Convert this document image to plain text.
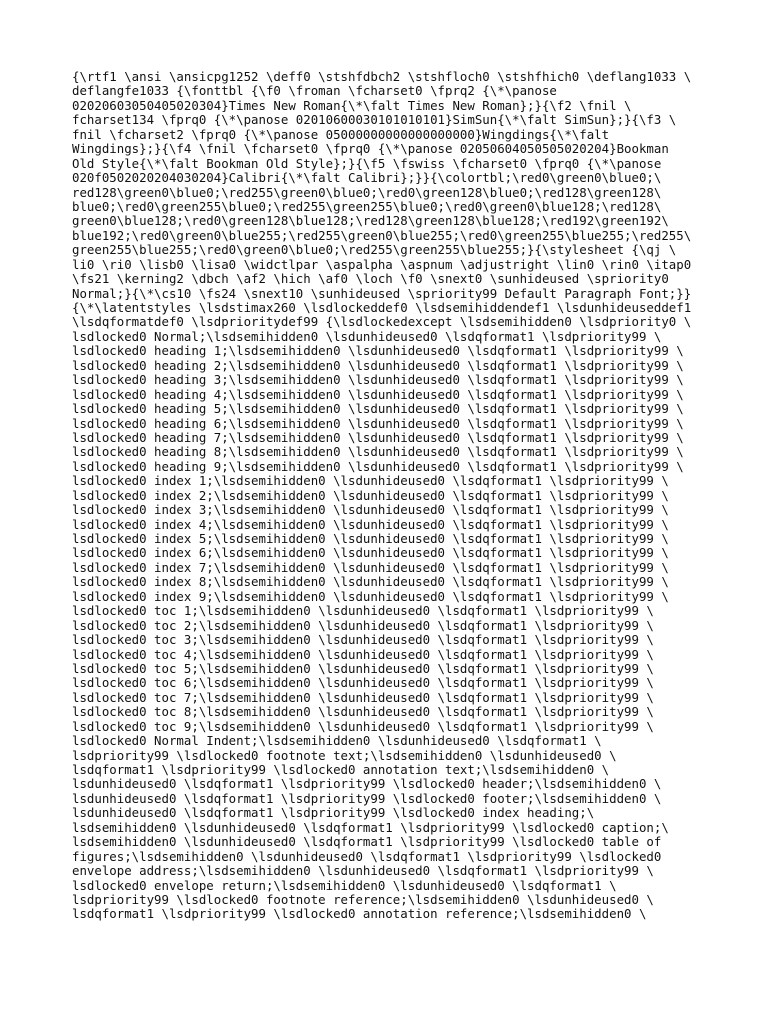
{\rtf1 \ansi \ansicpg1252 \deff0 \stshfdbch2 \stshfloch0 \stshfhich0 \deflang1033 \
deflangfe1033 {\fonttbl {\f0 \froman \fcharset0 \fprq2 {\*\panose
02020603050405020304}Times New Roman{\*\falt Times New Roman};}{\f2 \fnil \
fcharset134 \fprq0 {\*\panose 02010600030101010101}SimSun{\*\falt SimSun};}{\f3 \
fnil \fcharset2 \fprq0 {\*\panose 05000000000000000000}Wingdings{\*\falt
Wingdings};}{\f4 \fnil \fcharset0 \fprq0 {\*\panose 02050604050505020204}Bookman
Old Style{\*\falt Bookman Old Style};}{\f5 \fswiss \fcharset0 \fprq0 {\*\panose
020f0502020204030204}Calibri{\*\falt Calibri};}}{\colortbl;\red0\green0\blue0;\
red128\green0\blue0;\red255\green0\blue0;\red0\green128\blue0;\red128\green128\
blue0;\red0\green255\blue0;\red255\green255\blue0;\red0\green0\blue128;\red128\
green0\blue128;\red0\green128\blue128;\red128\green128\blue128;\red192\green192\
blue192;\red0\green0\blue255;\red255\green0\blue255;\red0\green255\blue255;\red255\
green255\blue255;\red0\green0\blue0;\red255\green255\blue255;}{\stylesheet {\qj \
li0 \ri0 \lisb0 \lisa0 \widctlpar \aspalpha \aspnum \adjustright \lin0 \rin0 \itap0
\fs21 \kerning2 \dbch \af2 \hich \af0 \loch \f0 \snext0 \sunhideused \spriority0
Normal;}{\*\cs10 \fs24 \snext10 \sunhideused \spriority99 Default Paragraph Font;}}
{\*\latentstyles \lsdstimax260 \lsdlockeddef0 \lsdsemihiddendef1 \lsdunhideuseddef1
\lsdqformatdef0 \lsdprioritydef99 {\lsdlockedexcept \lsdsemihidden0 \lsdpriority0 \
lsdlocked0 Normal;\lsdsemihidden0 \lsdunhideused0 \lsdqformat1 \lsdpriority99 \
lsdlocked0 heading 1;\lsdsemihidden0 \lsdunhideused0 \lsdqformat1 \lsdpriority99 \
lsdlocked0 heading 2;\lsdsemihidden0 \lsdunhideused0 \lsdqformat1 \lsdpriority99 \
lsdlocked0 heading 3;\lsdsemihidden0 \lsdunhideused0 \lsdqformat1 \lsdpriority99 \
lsdlocked0 heading 4;\lsdsemihidden0 \lsdunhideused0 \lsdqformat1 \lsdpriority99 \
lsdlocked0 heading 5;\lsdsemihidden0 \lsdunhideused0 \lsdqformat1 \lsdpriority99 \
lsdlocked0 heading 6;\lsdsemihidden0 \lsdunhideused0 \lsdqformat1 \lsdpriority99 \
lsdlocked0 heading 7;\lsdsemihidden0 \lsdunhideused0 \lsdqformat1 \lsdpriority99 \
lsdlocked0 heading 8;\lsdsemihidden0 \lsdunhideused0 \lsdqformat1 \lsdpriority99 \
lsdlocked0 heading 9;\lsdsemihidden0 \lsdunhideused0 \lsdqformat1 \lsdpriority99 \
lsdlocked0 index 1;\lsdsemihidden0 \lsdunhideused0 \lsdqformat1 \lsdpriority99 \
lsdlocked0 index 2;\lsdsemihidden0 \lsdunhideused0 \lsdqformat1 \lsdpriority99 \
lsdlocked0 index 3;\lsdsemihidden0 \lsdunhideused0 \lsdqformat1 \lsdpriority99 \
lsdlocked0 index 4;\lsdsemihidden0 \lsdunhideused0 \lsdqformat1 \lsdpriority99 \
lsdlocked0 index 5;\lsdsemihidden0 \lsdunhideused0 \lsdqformat1 \lsdpriority99 \
lsdlocked0 index 6;\lsdsemihidden0 \lsdunhideused0 \lsdqformat1 \lsdpriority99 \
lsdlocked0 index 7;\lsdsemihidden0 \lsdunhideused0 \lsdqformat1 \lsdpriority99 \
lsdlocked0 index 8;\lsdsemihidden0 \lsdunhideused0 \lsdqformat1 \lsdpriority99 \
lsdlocked0 index 9;\lsdsemihidden0 \lsdunhideused0 \lsdqformat1 \lsdpriority99 \
lsdlocked0 toc 1;\lsdsemihidden0 \lsdunhideused0 \lsdqformat1 \lsdpriority99 \
lsdlocked0 toc 2;\lsdsemihidden0 \lsdunhideused0 \lsdqformat1 \lsdpriority99 \
lsdlocked0 toc 3;\lsdsemihidden0 \lsdunhideused0 \lsdqformat1 \lsdpriority99 \
lsdlocked0 toc 4;\lsdsemihidden0 \lsdunhideused0 \lsdqformat1 \lsdpriority99 \
lsdlocked0 toc 5;\lsdsemihidden0 \lsdunhideused0 \lsdqformat1 \lsdpriority99 \
lsdlocked0 toc 6;\lsdsemihidden0 \lsdunhideused0 \lsdqformat1 \lsdpriority99 \
lsdlocked0 toc 7;\lsdsemihidden0 \lsdunhideused0 \lsdqformat1 \lsdpriority99 \
lsdlocked0 toc 8;\lsdsemihidden0 \lsdunhideused0 \lsdqformat1 \lsdpriority99 \
lsdlocked0 toc 9;\lsdsemihidden0 \lsdunhideused0 \lsdqformat1 \lsdpriority99 \
lsdlocked0 Normal Indent;\lsdsemihidden0 \lsdunhideused0 \lsdqformat1 \
lsdpriority99 \lsdlocked0 footnote text;\lsdsemihidden0 \lsdunhideused0 \
lsdqformat1 \lsdpriority99 \lsdlocked0 annotation text;\lsdsemihidden0 \
lsdunhideused0 \lsdqformat1 \lsdpriority99 \lsdlocked0 header;\lsdsemihidden0 \
lsdunhideused0 \lsdqformat1 \lsdpriority99 \lsdlocked0 footer;\lsdsemihidden0 \
lsdunhideused0 \lsdqformat1 \lsdpriority99 \lsdlocked0 index heading;\
lsdsemihidden0 \lsdunhideused0 \lsdqformat1 \lsdpriority99 \lsdlocked0 caption;\
lsdsemihidden0 \lsdunhideused0 \lsdqformat1 \lsdpriority99 \lsdlocked0 table of
figures;\lsdsemihidden0 \lsdunhideused0 \lsdqformat1 \lsdpriority99 \lsdlocked0
envelope address;\lsdsemihidden0 \lsdunhideused0 \lsdqformat1 \lsdpriority99 \
lsdlocked0 envelope return;\lsdsemihidden0 \lsdunhideused0 \lsdqformat1 \
lsdpriority99 \lsdlocked0 footnote reference;\lsdsemihidden0 \lsdunhideused0 \
lsdqformat1 \lsdpriority99 \lsdlocked0 annotation reference;\lsdsemihidden0 \
